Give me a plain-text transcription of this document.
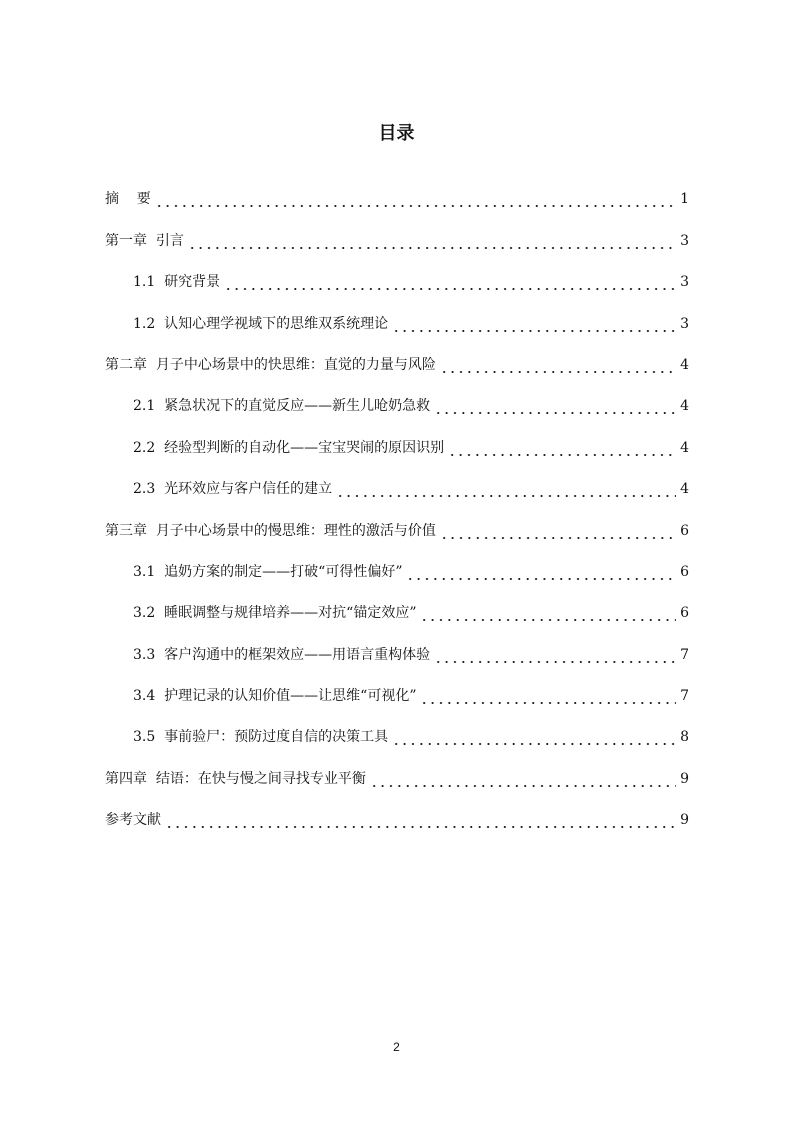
目录
摘    要	1
第一章  引言	3
1.1  研究背景	3
1.2  认知心理学视域下的思维双系统理论	3
第二章  月子中心场景中的快思维：直觉的力量与风险	4
2.1  紧急状况下的直觉反应——新生儿呛奶急救	4
2.2  经验型判断的自动化——宝宝哭闹的原因识别	4
2.3  光环效应与客户信任的建立	4
第三章  月子中心场景中的慢思维：理性的激活与价值	6
3.1  追奶方案的制定——打破“可得性偏好”	6
3.2  睡眠调整与规律培养——对抗“锚定效应”	6
3.3  客户沟通中的框架效应——用语言重构体验	7
3.4  护理记录的认知价值——让思维“可视化”	7
3.5  事前验尸：预防过度自信的决策工具	8
第四章  结语：在快与慢之间寻找专业平衡	9
参考文献	9
2
